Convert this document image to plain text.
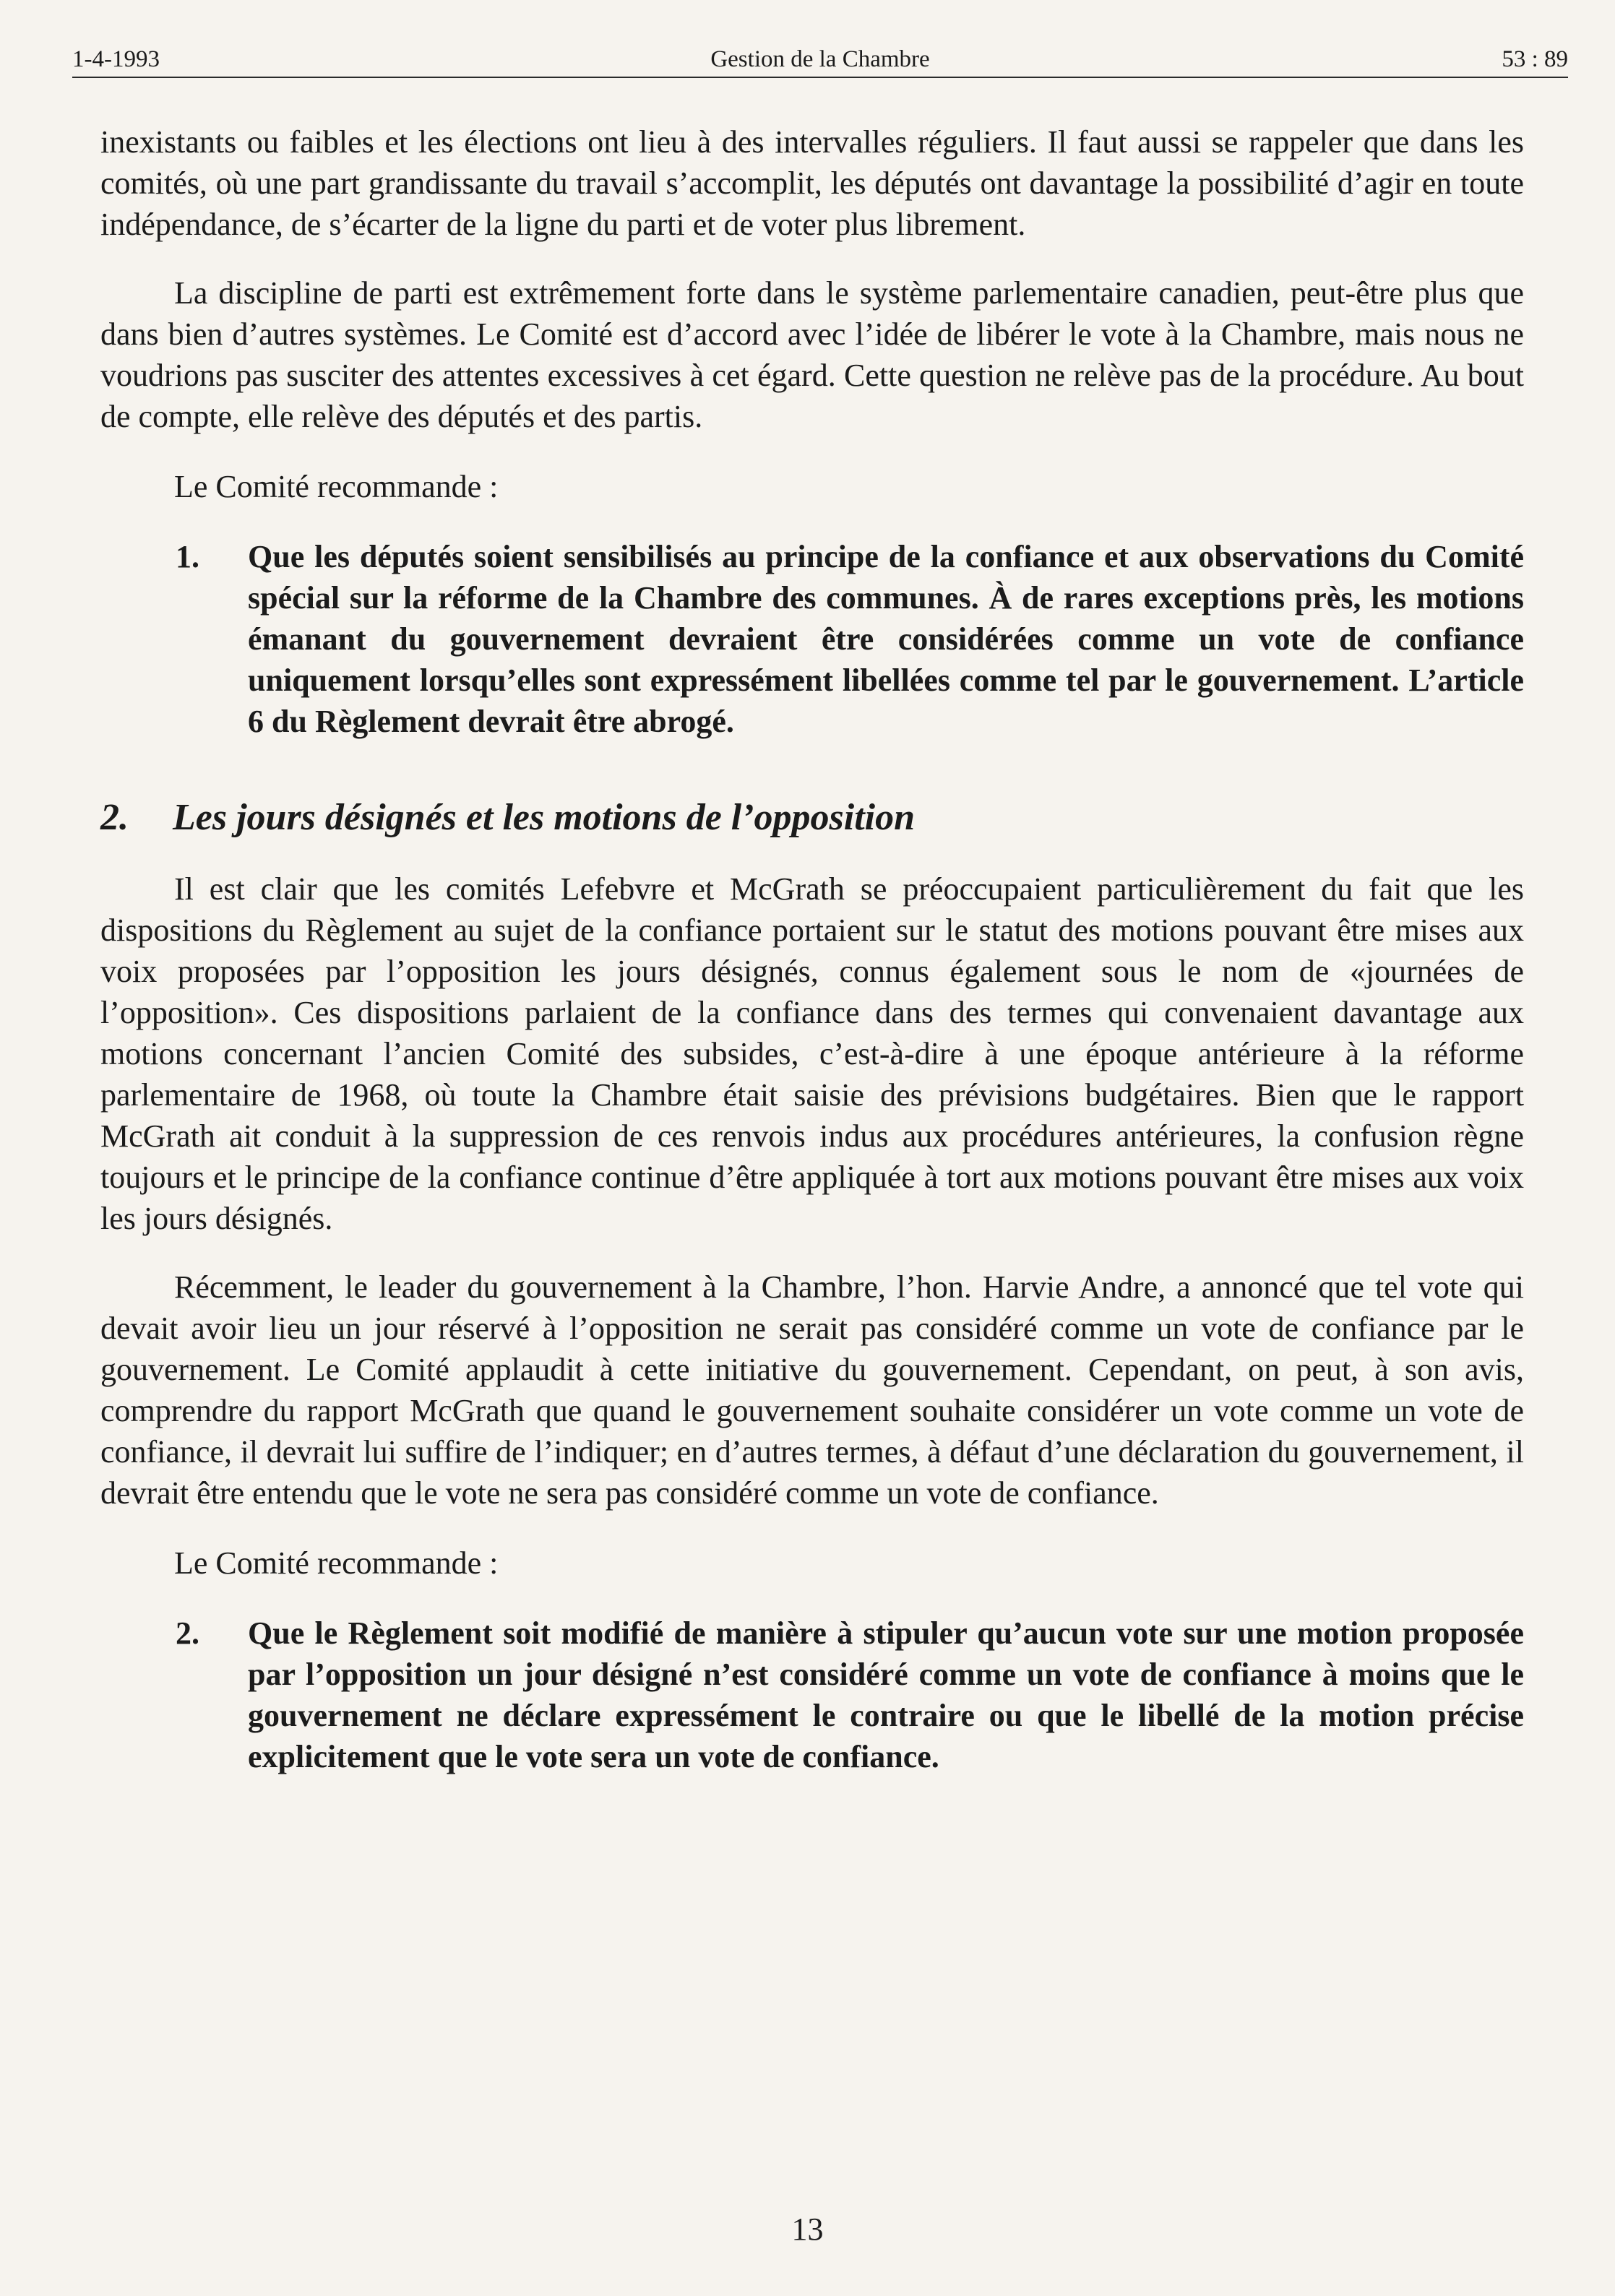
Gestion de la Chambre
1-4-1993	53 : 89

inexistants ou faibles et les élections ont lieu à des intervalles réguliers. Il faut aussi se rappeler que dans les comités, où une part grandissante du travail s’accomplit, les députés ont davantage la possibilité d’agir en toute indépendance, de s’écarter de la ligne du parti et de voter plus librement.

La discipline de parti est extrêmement forte dans le système parlementaire canadien, peut-être plus que dans bien d’autres systèmes. Le Comité est d’accord avec l’idée de libérer le vote à la Chambre, mais nous ne voudrions pas susciter des attentes excessives à cet égard. Cette question ne relève pas de la procédure. Au bout de compte, elle relève des députés et des partis.

Le Comité recommande :

1. Que les députés soient sensibilisés au principe de la confiance et aux observations du Comité spécial sur la réforme de la Chambre des communes. À de rares exceptions près, les motions émanant du gouvernement devraient être considérées comme un vote de confiance uniquement lorsqu’elles sont expressément libellées comme tel par le gouvernement. L’article 6 du Règlement devrait être abrogé.
2. Les jours désignés et les motions de l’opposition

Il est clair que les comités Lefebvre et McGrath se préoccupaient particulièrement du fait que les dispositions du Règlement au sujet de la confiance portaient sur le statut des motions pouvant être mises aux voix proposées par l’opposition les jours désignés, connus également sous le nom de «journées de l’opposition». Ces dispositions parlaient de la confiance dans des termes qui convenaient davantage aux motions concernant l’ancien Comité des subsides, c’est-à-dire à une époque antérieure à la réforme parlementaire de 1968, où toute la Chambre était saisie des prévisions budgétaires. Bien que le rapport McGrath ait conduit à la suppression de ces renvois indus aux procédures antérieures, la confusion règne toujours et le principe de la confiance continue d’être appliquée à tort aux motions pouvant être mises aux voix les jours désignés.

Récemment, le leader du gouvernement à la Chambre, l’hon. Harvie Andre, a annoncé que tel vote qui devait avoir lieu un jour réservé à l’opposition ne serait pas considéré comme un vote de confiance par le gouvernement. Le Comité applaudit à cette initiative du gouvernement. Cependant, on peut, à son avis, comprendre du rapport McGrath que quand le gouvernement souhaite considérer un vote comme un vote de confiance, il devrait lui suffire de l’indiquer; en d’autres termes, à défaut d’une déclaration du gouvernement, il devrait être entendu que le vote ne sera pas considéré comme un vote de confiance.

Le Comité recommande :

2. Que le Règlement soit modifié de manière à stipuler qu’aucun vote sur une motion proposée par l’opposition un jour désigné n’est considéré comme un vote de confiance à moins que le gouvernement ne déclare expressément le contraire ou que le libellé de la motion précise explicitement que le vote sera un vote de confiance.
13
